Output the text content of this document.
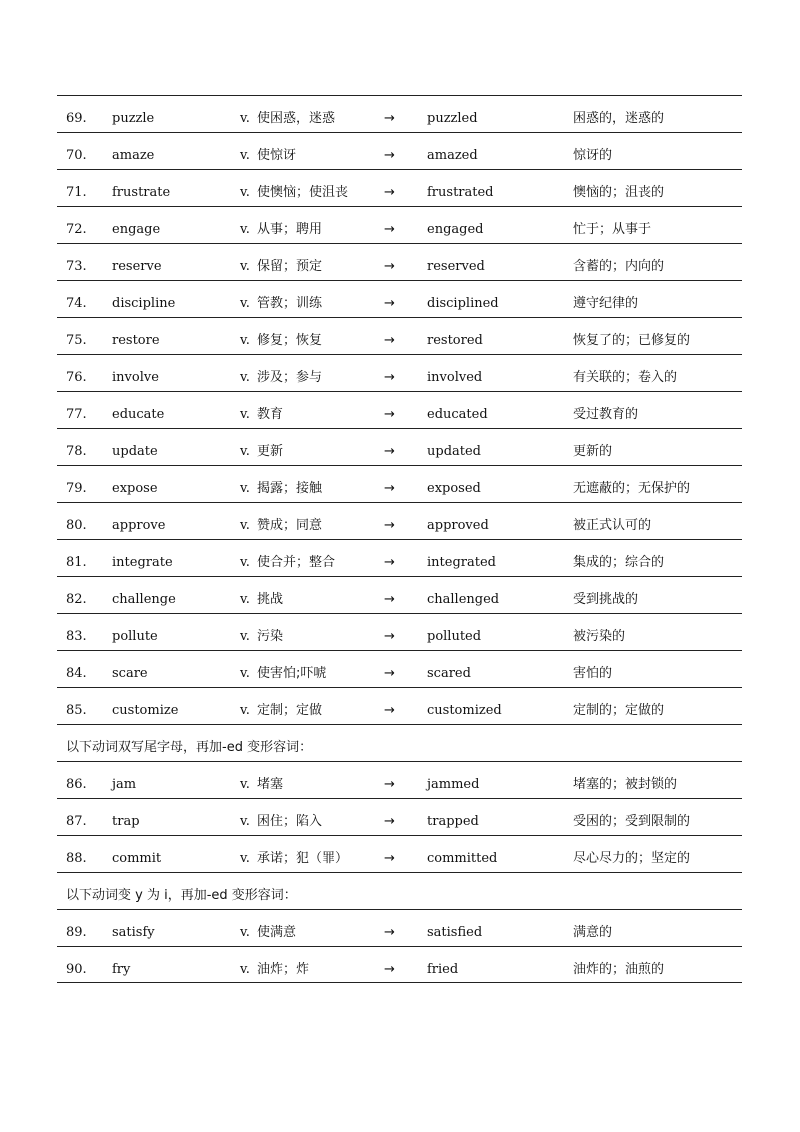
69. puzzle	v. 使困惑，迷惑	→ puzzled	困惑的，迷惑的
70. amaze	v. 使惊讶	→ amazed	惊讶的
71. frustrate	v. 使懊恼；使沮丧	→ frustrated	懊恼的；沮丧的
72. engage	v. 从事；聘用	→ engaged	忙于；从事于
73. reserve	v. 保留；预定	→ reserved	含蓄的；内向的
74. discipline	v. 管教；训练	→ disciplined	遵守纪律的
75. restore	v. 修复；恢复	→ restored	恢复了的；已修复的
76. involve	v. 涉及；参与	→ involved	有关联的；卷入的
77. educate	v. 教育	→ educated	受过教育的
78. update	v. 更新	→ updated	更新的
79. expose	v. 揭露；接触	→ exposed	无遮蔽的；无保护的
80. approve	v. 赞成；同意	→ approved	被正式认可的
81. integrate	v. 使合并；整合	→ integrated	集成的；综合的
82. challenge	v. 挑战	→ challenged	受到挑战的
83. pollute	v. 污染	→ polluted	被污染的
84. scare	v. 使害怕;吓唬	→ scared	害怕的
85. customize	v. 定制；定做	→ customized	定制的；定做的
以下动词双写尾字母，再加-ed 变形容词：
86. jam	v. 堵塞	→ jammed	堵塞的；被封锁的
87. trap	v. 困住；陷入	→ trapped	受困的；受到限制的
88. commit	v. 承诺；犯（罪）	→ committed	尽心尽力的；坚定的
以下动词变 y 为 i，再加-ed 变形容词：
89. satisfy	v. 使满意	→ satisfied	满意的
90. fry	v. 油炸；炸	→ fried	油炸的；油煎的
